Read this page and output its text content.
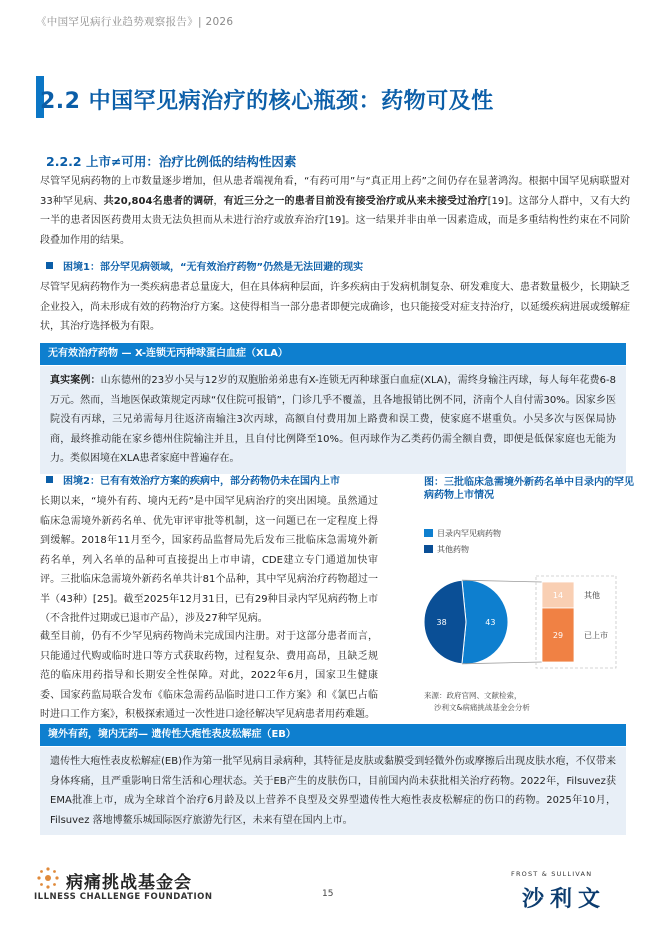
《中国罕见病行业趋势观察报告》| 2026
2.2 中国罕见病治疗的核心瓶颈：药物可及性
2.2.2 上市≠可用：治疗比例低的结构性因素
尽管罕见病药物的上市数量逐步增加，但从患者端视角看，“有药可用”与“真正用上药”之间仍存在显著鸿沟。根据中国罕见病联盟对33种罕见病、共20,804名患者的调研，有近三分之一的患者目前没有接受治疗或从来未接受过治疗[19]。这部分人群中，又有大约一半的患者因医药费用太贵无法负担而从未进行治疗或放弃治疗[19]。这一结果并非由单一因素造成，而是多重结构性约束在不同阶段叠加作用的结果。
困境1：部分罕见病领域，“无有效治疗药物”仍然是无法回避的现实
尽管罕见病药物作为一类疾病患者总量庞大，但在具体病种层面，许多疾病由于发病机制复杂、研发难度大、患者数量极少，长期缺乏企业投入，尚未形成有效的药物治疗方案。这使得相当一部分患者即便完成确诊，也只能接受对症支持治疗，以延缓疾病进展或缓解症状，其治疗选择极为有限。
无有效治疗药物 — X-连锁无丙种球蛋白血症（XLA）
真实案例：山东德州的23岁小吴与12岁的双胞胎弟弟患有X-连锁无丙种球蛋白血症(XLA)，需终身输注丙球，每人每年花费6-8万元。然而，当地医保政策规定丙球“仅住院可报销”，门诊几乎不覆盖，且各地报销比例不同，济南个人自付需30%。因家乡医院没有丙球，三兄弟需每月往返济南输注3次丙球，高额自付费用加上路费和误工费，使家庭不堪重负。小吴多次与医保局协商，最终推动能在家乡德州住院输注并且，且自付比例降至10%。但丙球作为乙类药仍需全额自费，即便是低保家庭也无能为力。类似困境在XLA患者家庭中普遍存在。
困境2：已有有效治疗方案的疾病中，部分药物仍未在国内上市
长期以来，“境外有药、境内无药”是中国罕见病治疗的突出困境。虽然通过临床急需境外新药名单、优先审评审批等机制，这一问题已在一定程度上得到缓解。2018年11月至今，国家药品监督局先后发布三批临床急需境外新药名单，列入名单的品种可直接提出上市申请，CDE建立专门通道加快审评。三批临床急需境外新药名单共计81个品种，其中罕见病治疗药物超过一半（43种）[25]。截至2025年12月31日，已有29种目录内罕见病药物上市（不含批件过期或已退市产品），涉及27种罕见病。
截至目前，仍有不少罕见病药物尚未完成国内注册。对于这部分患者而言，只能通过代购或临时进口等方式获取药物，过程复杂、费用高昂，且缺乏规范的临床用药指导和长期安全性保障。对此，2022年6月，国家卫生健康委、国家药监局联合发布《临床急需药品临时进口工作方案》和《氯巴占临时进口工作方案》，积极探索通过一次性进口途径解决罕见病患者用药难题。
图：三批临床急需境外新药名单中目录内的罕见病药物上市情况
目录内罕见病药物
其他药物
43
38
14	其他
29	已上市
来源：政府官网、文献检索，
沙利文&病痛挑战基金会分析
境外有药，境内无药— 遗传性大疱性表皮松解症（EB）
遗传性大疱性表皮松解症(EB)作为第一批罕见病目录病种，其特征是皮肤或黏膜受到轻微外伤或摩擦后出现皮肤水疱，不仅带来身体疼痛，且严重影响日常生活和心理状态。关于EB产生的皮肤伤口，目前国内尚未获批相关治疗药物。2022年，Filsuvez获EMA批准上市，成为全球首个治疗6月龄及以上营养不良型及交界型遗传性大疱性表皮松解症的伤口的药物。2025年10月，Filsuvez 落地博鳌乐城国际医疗旅游先行区，未来有望在国内上市。
病痛挑战基金会
ILLNESS CHALLENGE FOUNDATION	15
FROST & SULLIVAN
沙利文
